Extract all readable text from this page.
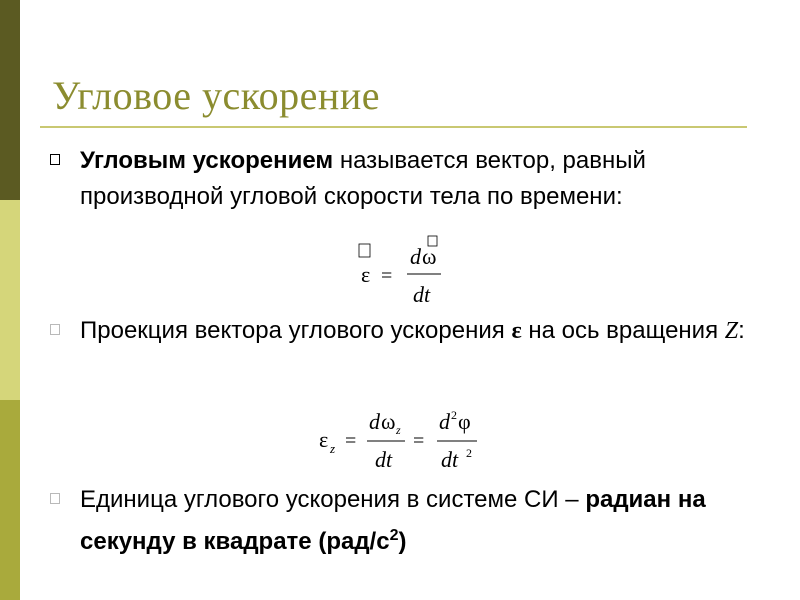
Угловое ускорение

Угловым ускорением называется вектор, равный производной угловой скорости тела по времени:

ε =
d ω
dt

Проекция вектора углового ускорения ε на ось вращения Z:

ε z =
d ω z
dt
=
d 2 φ
dt 2

Единица углового ускорения в системе СИ – радиан на секунду в квадрате $(рад/с^2)$
